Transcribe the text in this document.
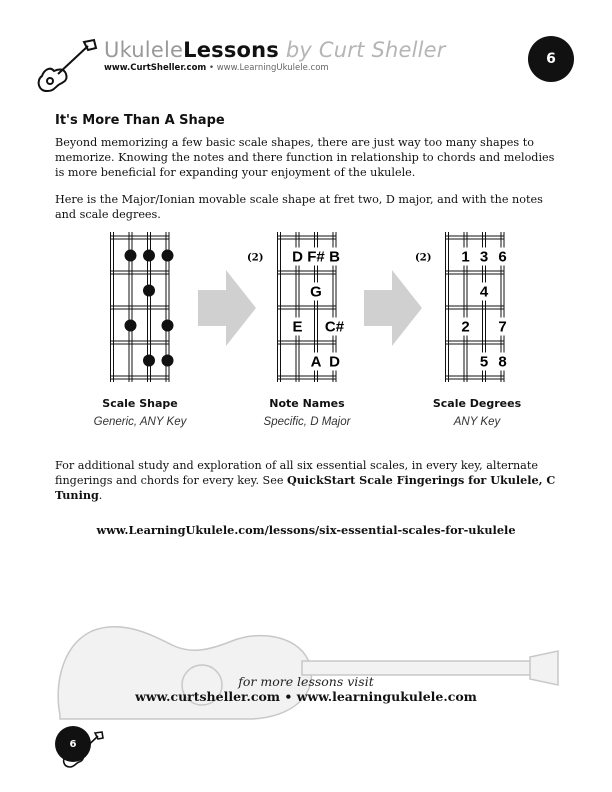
UkuleleLessons by Curt Sheller
www.CurtSheller.com • www.LearningUkulele.com
6
It's More Than A Shape
Beyond memorizing a few basic scale shapes, there are just way too many shapes to memorize. Knowing the notes and there function in relationship to chords and melodies is more beneficial for expanding your enjoyment of the ukulele.
Here is the Major/Ionian movable scale shape at fret two, D major, and with the notes and scale degrees.
D F# B
G
E C#
A D
(2)	1 3 6
4
2 7
5 8
(2)
Scale Shape
Generic, ANY Key
Note Names
Specific, D Major
Scale Degrees
ANY Key
For additional study and exploration of all six essential scales, in every key, alternate fingerings and chords for every key. See QuickStart Scale Fingerings for Ukulele, C Tuning.
www.LearningUkulele.com/lessons/six-essential-scales-for-ukulele
for more lessons visit
www.curtsheller.com • www.learningukulele.com
6
